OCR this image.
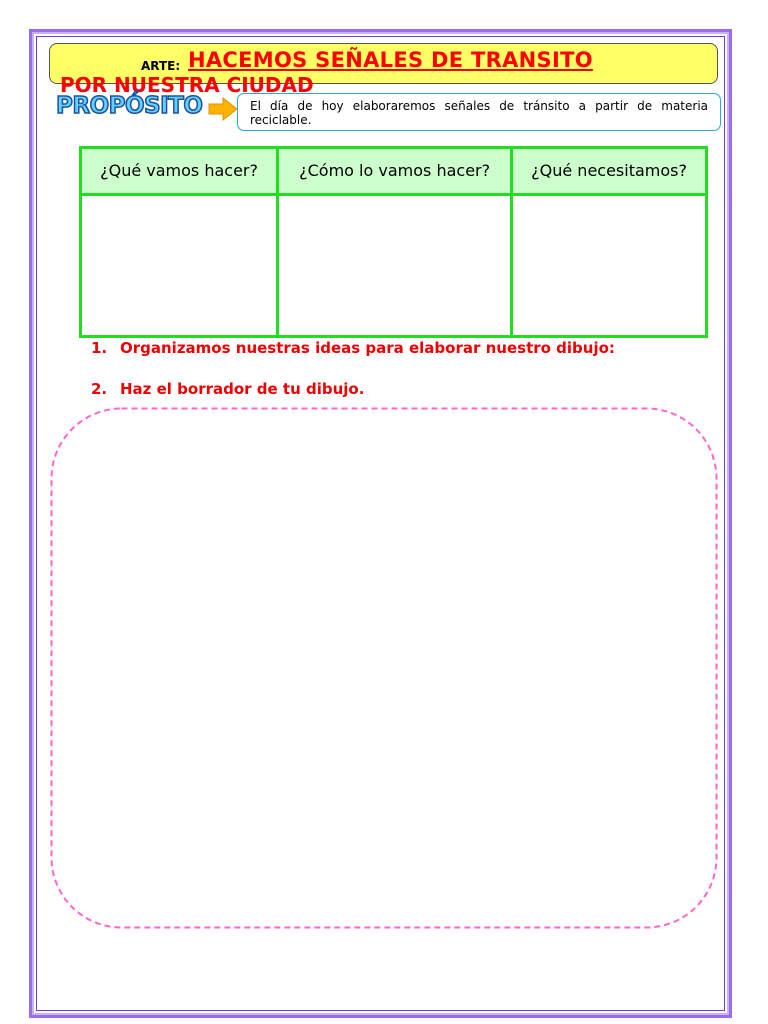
ARTE: HACEMOS SEÑALES DE TRANSITO
POR NUESTRA CIUDAD
PROPÓSITO	El día de hoy elaboraremos señales de tránsito a partir de materia reciclable.
¿Qué vamos hacer?	¿Cómo lo vamos hacer?	¿Qué necesitamos?

1. Organizamos nuestras ideas para elaborar nuestro dibujo:
2. Haz el borrador de tu dibujo.
